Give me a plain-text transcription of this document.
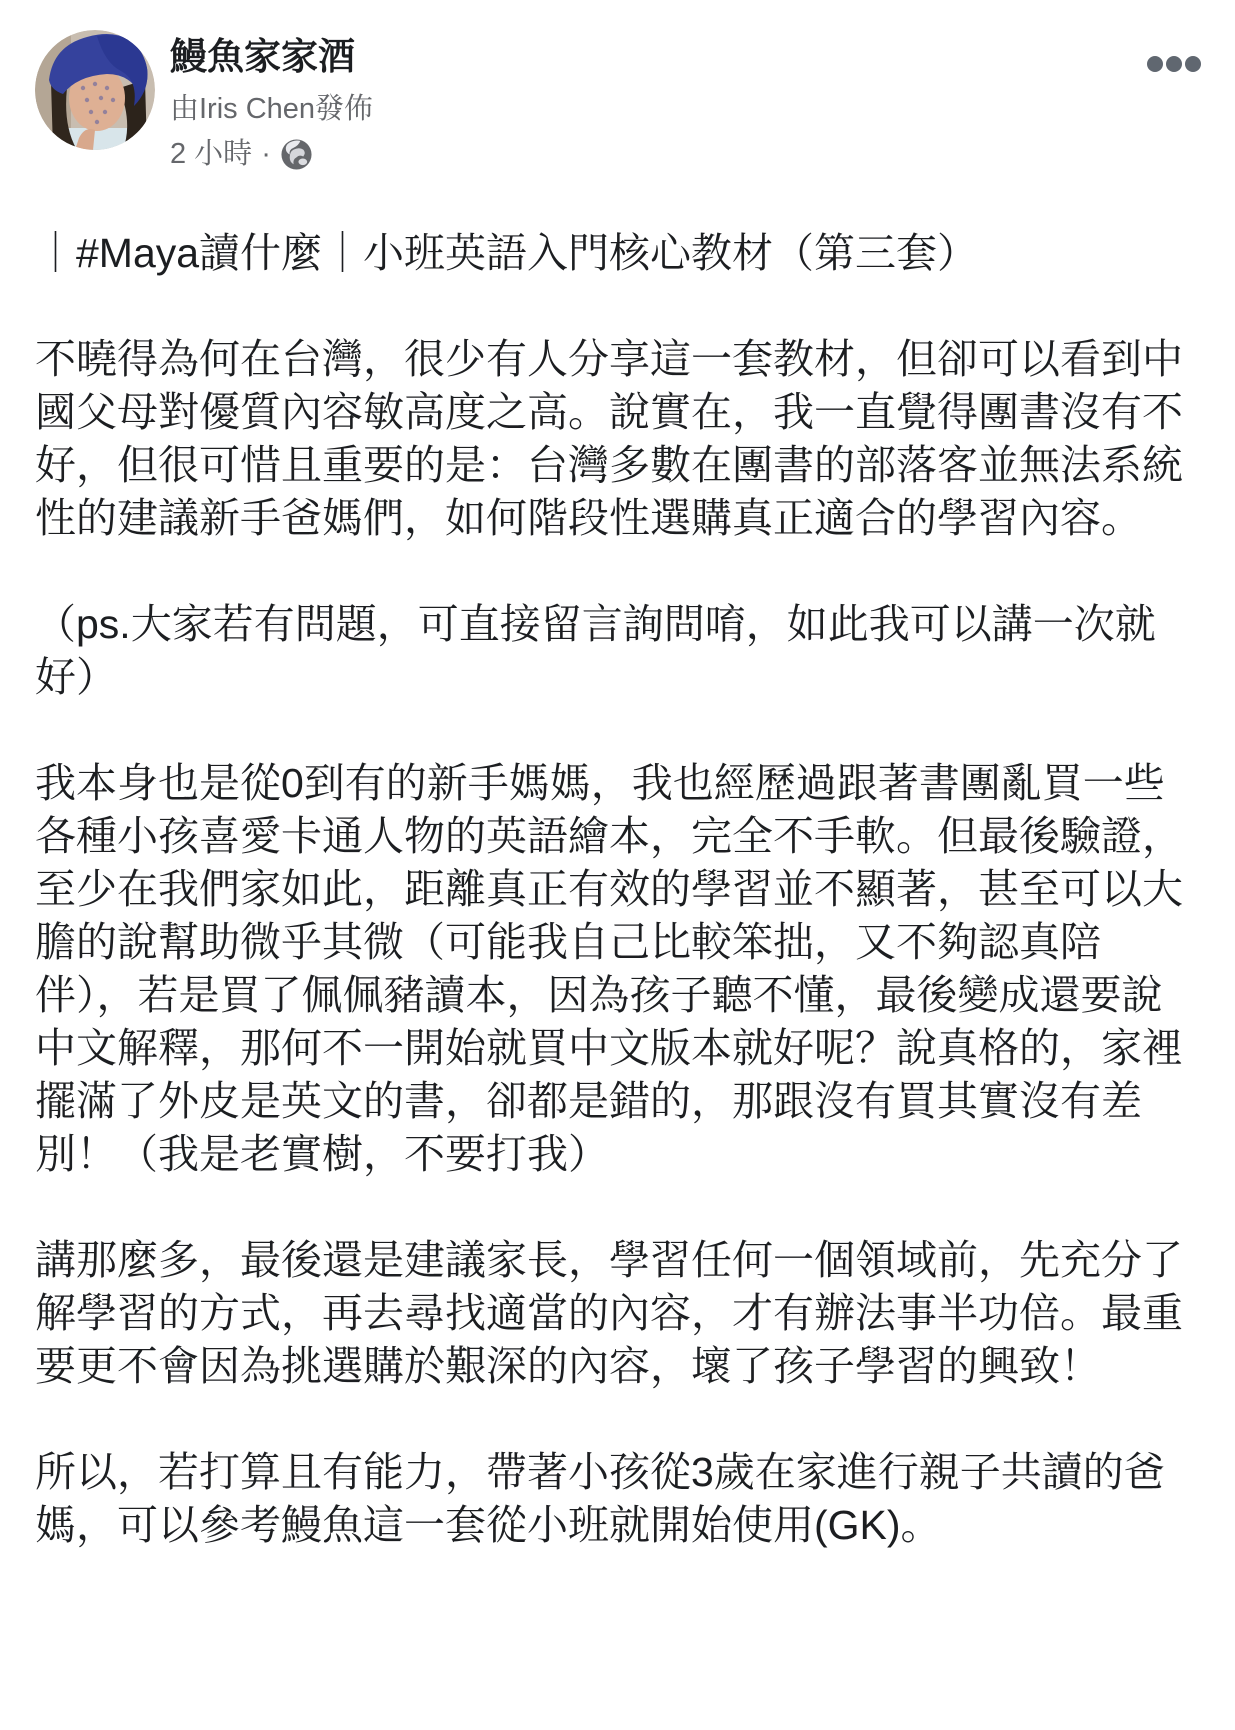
鰻魚家家酒
由Iris Chen發佈
2 小時 ·

｜#Maya讀什麼｜小班英語入門核心教材（第三套）

不曉得為何在台灣，很少有人分享這一套教材，但卻可以看到中國父母對優質內容敏高度之高。說實在，我一直覺得團書沒有不好，但很可惜且重要的是：台灣多數在團書的部落客並無法系統性的建議新手爸媽們，如何階段性選購真正適合的學習內容。

（ps.大家若有問題，可直接留言詢問唷，如此我可以講一次就好）

我本身也是從0到有的新手媽媽，我也經歷過跟著書團亂買一些各種小孩喜愛卡通人物的英語繪本，完全不手軟。但最後驗證，至少在我們家如此，距離真正有效的學習並不顯著，甚至可以大膽的說幫助微乎其微（可能我自己比較笨拙，又不夠認真陪伴），若是買了佩佩豬讀本，因為孩子聽不懂，最後變成還要說中文解釋，那何不一開始就買中文版本就好呢？說真格的，家裡擺滿了外皮是英文的書，卻都是錯的，那跟沒有買其實沒有差別！（我是老實樹，不要打我）

講那麼多，最後還是建議家長，學習任何一個領域前，先充分了解學習的方式，再去尋找適當的內容，才有辦法事半功倍。最重要更不會因為挑選購於艱深的內容，壞了孩子學習的興致！

所以，若打算且有能力，帶著小孩從3歲在家進行親子共讀的爸媽，可以參考鰻魚這一套從小班就開始使用(GK)。
